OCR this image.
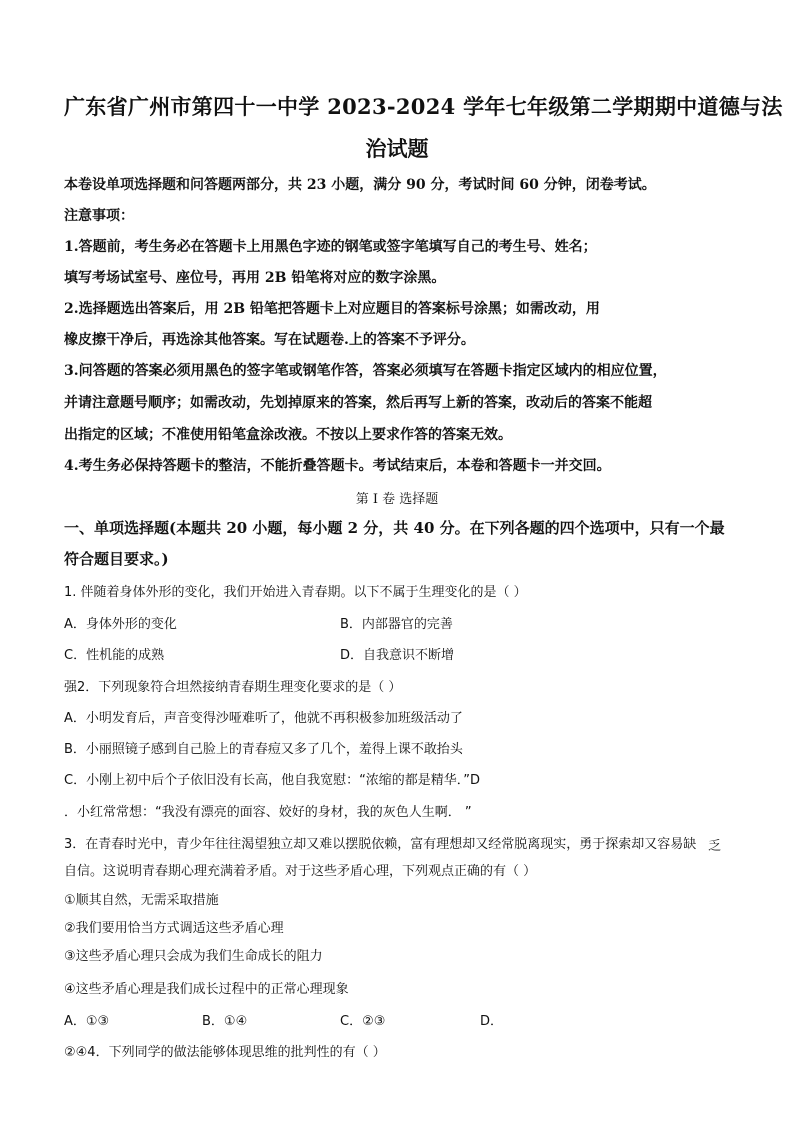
广东省广州市第四十一中学 2023-2024 学年七年级第二学期期中道德与法
治试题
本卷设单项选择题和问答题两部分，共 23 小题，满分 90 分，考试时间 60 分钟，闭卷考试。
注意事项：
1.答题前，考生务必在答题卡上用黑色字迹的钢笔或签字笔填写自己的考生号、姓名；
填写考场试室号、座位号，再用 2B 铅笔将对应的数字涂黑。
2.选择题选出答案后，用 2B 铅笔把答题卡上对应题目的答案标号涂黑；如需改动，用
橡皮擦干净后，再选涂其他答案。写在试题卷.上的答案不予评分。
3.问答题的答案必须用黑色的签字笔或钢笔作答，答案必须填写在答题卡指定区域内的相应位置，
并请注意题号顺序；如需改动，先划掉原来的答案，然后再写上新的答案，改动后的答案不能超
出指定的区域；不准使用铅笔盒涂改液。不按以上要求作答的答案无效。
4.考生务必保持答题卡的整洁，不能折叠答题卡。考试结束后，本卷和答题卡一并交回。
第 I 卷 选择题
一、单项选择题(本题共 20 小题，每小题 2 分，共 40 分。在下列各题的四个选项中，只有一个最
符合题目要求。)
1. 伴随着身体外形的变化，我们开始进入青春期。以下不属于生理变化的是（ ）
A．身体外形的变化	B．内部器官的完善
C．性机能的成熟	D．自我意识不断增
强2．下列现象符合坦然接纳青春期生理变化要求的是（ ）
A．小明发育后，声音变得沙哑难听了，他就不再积极参加班级活动了
B．小丽照镜子感到自己脸上的青春痘又多了几个，羞得上课不敢抬头
C．小刚上初中后个子依旧没有长高，他自我宽慰：“浓缩的都是精华．”D
．小红常常想：“我没有漂亮的面容、姣好的身材，我的灰色人生啊． ”
3．在青春时光中，青少年往往渴望独立却又难以摆脱依赖，富有理想却又经常脱离现实，勇于探索却又容易缺 乏
自信。这说明青春期心理充满着矛盾。对于这些矛盾心理，下列观点正确的有（ ）
①顺其自然，无需采取措施
②我们要用恰当方式调适这些矛盾心理
③这些矛盾心理只会成为我们生命成长的阻力
④这些矛盾心理是我们成长过程中的正常心理现象
A．①③	B．①④	C．②③	D．
②④4．下列同学的做法能够体现思维的批判性的有（ ）
